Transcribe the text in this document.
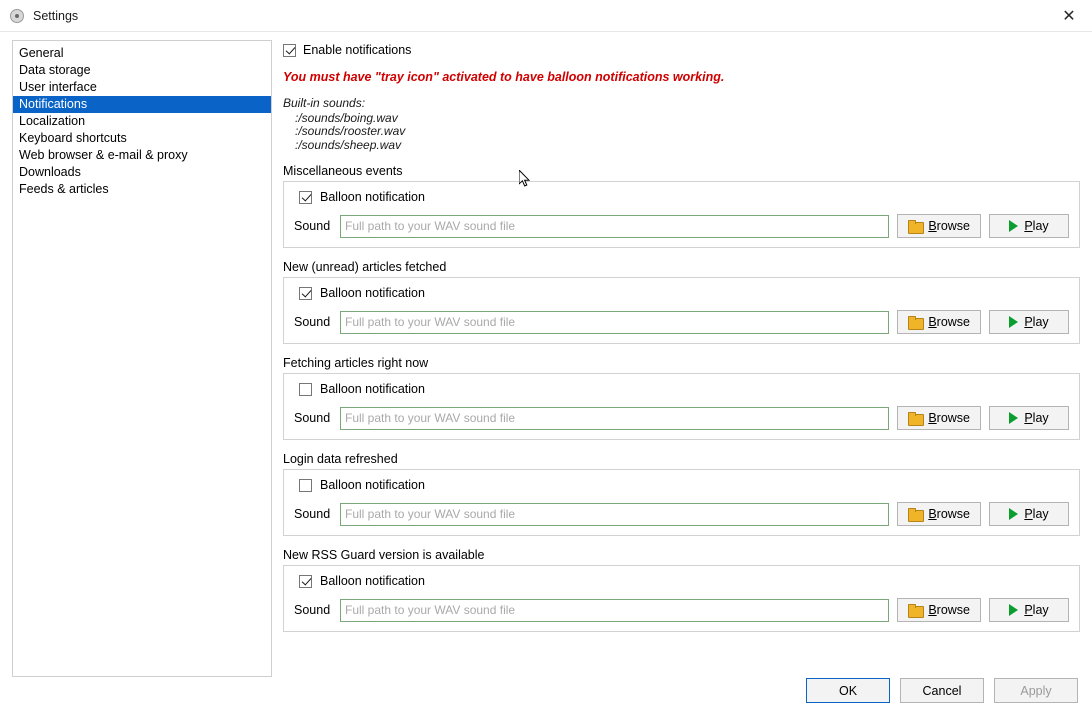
Settings	✕
General
Data storage
User interface
Notifications
Localization
Keyboard shortcuts
Web browser & e-mail & proxy
Downloads
Feeds & articles
Enable notifications
You must have "tray icon" activated to have balloon notifications working.
Built-in sounds:
:/sounds/boing.wav
:/sounds/rooster.wav
:/sounds/sheep.wav
Miscellaneous events
Balloon notification
Sound
Full path to your WAV sound file	Browse	Play
New (unread) articles fetched
Balloon notification
Sound
Full path to your WAV sound file	Browse	Play
Fetching articles right now
Balloon notification
Sound
Full path to your WAV sound file	Browse	Play
Login data refreshed
Balloon notification
Sound
Full path to your WAV sound file	Browse	Play
New RSS Guard version is available
Balloon notification
Sound
Full path to your WAV sound file	Browse	Play
OK	Cancel	Apply
